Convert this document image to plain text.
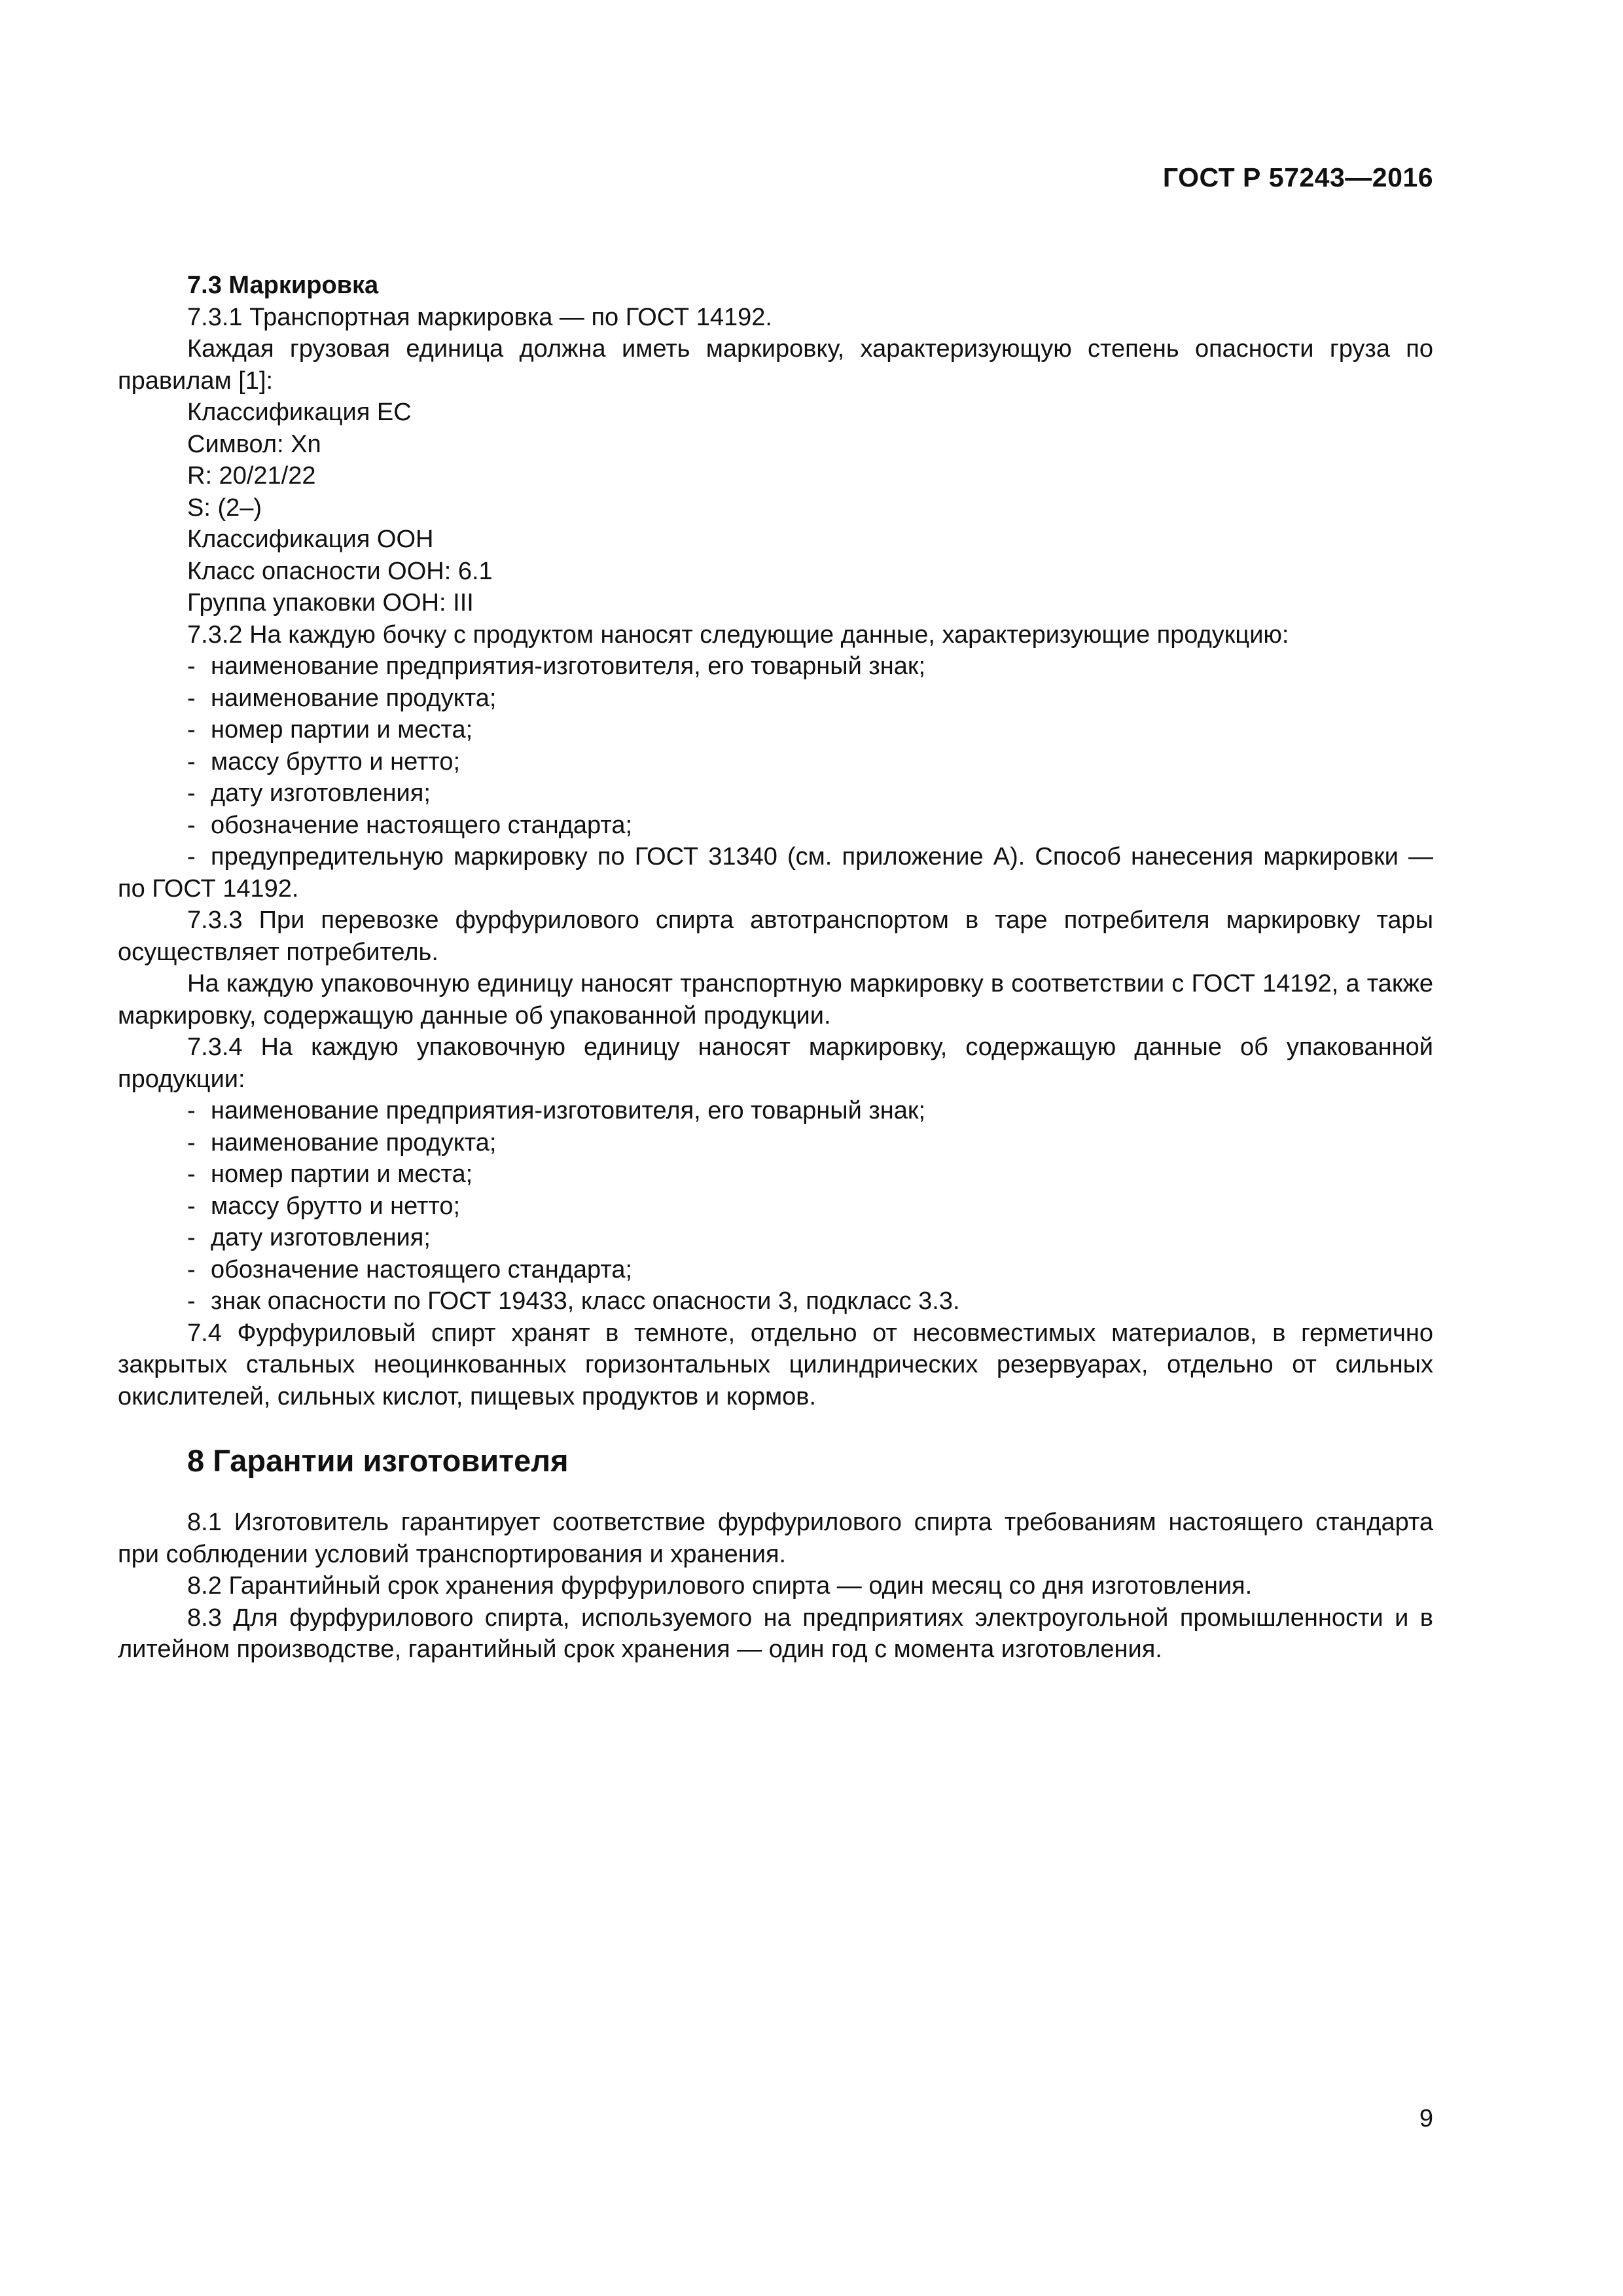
ГОСТ Р 57243—2016

7.3 Маркировка

7.3.1 Транспортная маркировка — по ГОСТ 14192.

Каждая грузовая единица должна иметь маркировку, характеризующую степень опасности груза по правилам [1]:

Классификация ЕС

Символ: Xn

R: 20/21/22

S: (2–)

Классификация ООН

Класс опасности ООН: 6.1

Группа упаковки ООН: III

7.3.2 На каждую бочку с продуктом наносят следующие данные, характеризующие продукцию:

- наименование предприятия-изготовителя, его товарный знак;
- наименование продукта;
- номер партии и места;
- массу брутто и нетто;
- дату изготовления;
- обозначение настоящего стандарта;
- предупредительную маркировку по ГОСТ 31340 (см. приложение А). Способ нанесения маркировки — по ГОСТ 14192.

7.3.3 При перевозке фурфурилового спирта автотранспортом в таре потребителя маркировку тары осуществляет потребитель.

На каждую упаковочную единицу наносят транспортную маркировку в соответствии с ГОСТ 14192, а также маркировку, содержащую данные об упакованной продукции.

7.3.4 На каждую упаковочную единицу наносят маркировку, содержащую данные об упакованной продукции:

- наименование предприятия-изготовителя, его товарный знак;
- наименование продукта;
- номер партии и места;
- массу брутто и нетто;
- дату изготовления;
- обозначение настоящего стандарта;
- знак опасности по ГОСТ 19433, класс опасности 3, подкласс 3.3.

7.4 Фурфуриловый спирт хранят в темноте, отдельно от несовместимых материалов, в герметично закрытых стальных неоцинкованных горизонтальных цилиндрических резервуарах, отдельно от сильных окислителей, сильных кислот, пищевых продуктов и кормов.

8 Гарантии изготовителя

8.1 Изготовитель гарантирует соответствие фурфурилового спирта требованиям настоящего стандарта при соблюдении условий транспортирования и хранения.

8.2 Гарантийный срок хранения фурфурилового спирта — один месяц со дня изготовления.

8.3 Для фурфурилового спирта, используемого на предприятиях электроугольной промышленности и в литейном производстве, гарантийный срок хранения — один год с момента изготовления.

9
